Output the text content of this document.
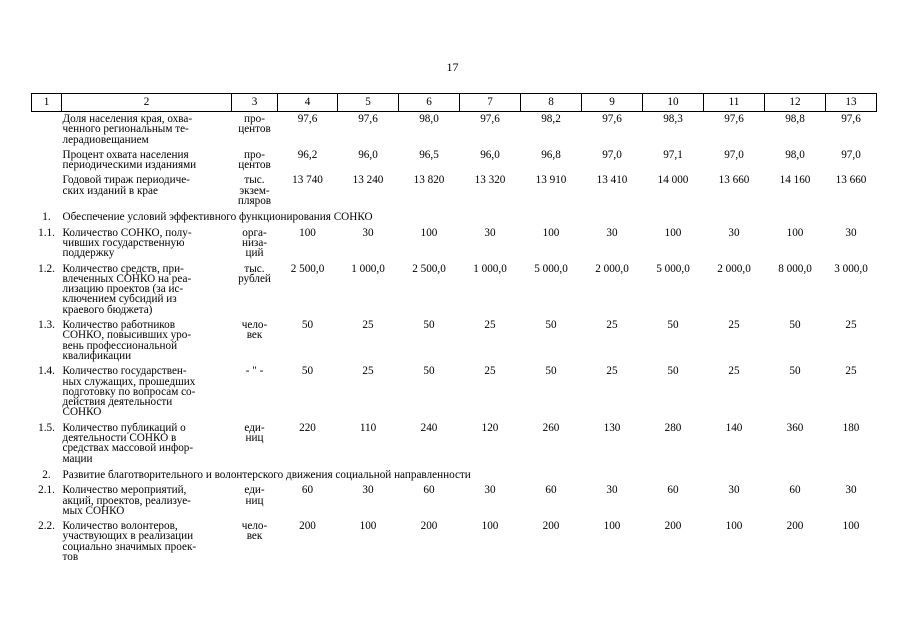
17
1	2	3	4	5	6	7	8	9	10	11	12	13
	Доля населения края, охва-
ченного региональным те-
лерадиовещанием	про-
центов	97,6	97,6	98,0	97,6	98,2	97,6	98,3	97,6	98,8	97,6
	Процент охвата населения
периодическими изданиями	про-
центов	96,2	96,0	96,5	96,0	96,8	97,0	97,1	97,0	98,0	97,0
	Годовой тираж периодиче-
ских изданий в крае	тыс.
экзем-
пляров	13 740	13 240	13 820	13 320	13 910	13 410	14 000	13 660	14 160	13 660
1.	Обеспечение условий эффективного функционирования СОНКО											
1.1.	Количество СОНКО, полу-
чивших государственную
поддержку	орга-
низа-
ций	100	30	100	30	100	30	100	30	100	30
1.2.	Количество средств, при-
влеченных СОНКО на реа-
лизацию проектов (за ис-
ключением субсидий из
краевого бюджета)	тыс.
рублей	2 500,0	1 000,0	2 500,0	1 000,0	5 000,0	2 000,0	5 000,0	2 000,0	8 000,0	3 000,0
1.3.	Количество работников
СОНКО, повысивших уро-
вень профессиональной
квалификации	чело-
век	50	25	50	25	50	25	50	25	50	25
1.4.	Количество государствен-
ных служащих, прошедших
подготовку по вопросам со-
действия деятельности
СОНКО	- " -	50	25	50	25	50	25	50	25	50	25
1.5.	Количество публикаций о
деятельности СОНКО в
средствах массовой инфор-
мации	еди-
ниц	220	110	240	120	260	130	280	140	360	180
2.	Развитие благотворительного и волонтерского движения социальной направленности											
2.1.	Количество мероприятий,
акций, проектов, реализуе-
мых СОНКО	еди-
ниц	60	30	60	30	60	30	60	30	60	30
2.2.	Количество волонтеров,
участвующих в реализации
социально значимых проек-
тов	чело-
век	200	100	200	100	200	100	200	100	200	100
